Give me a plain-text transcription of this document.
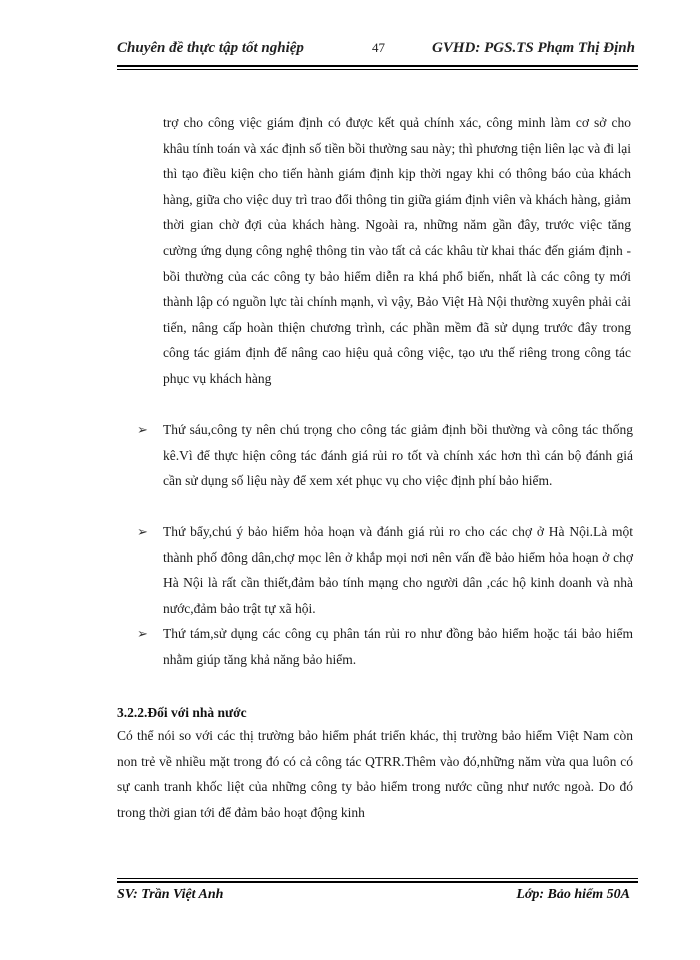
Chuyên đề thực tập tốt nghiệp	47	GVHD: PGS.TS Phạm Thị Định
trợ cho công việc giám định có được kết quả chính xác, công minh làm cơ sở cho khâu tính toán và xác định số tiền bồi thường sau này; thì phương tiện liên lạc và đi lại thì tạo điều kiện cho tiến hành giám định kịp thời ngay khi có thông báo của khách hàng, giữa cho việc duy trì trao đổi thông tin giữa giám định viên và khách hàng, giảm thời gian chờ đợi của khách hàng. Ngoài ra, những năm gần đây, trước việc tăng cường ứng dụng công nghệ thông tin vào tất cả các khâu từ khai thác đến giám định - bồi thường của các công ty bảo hiểm diễn ra khá phổ biến, nhất là các công ty mới thành lập có nguồn lực tài chính mạnh, vì vậy, Bảo Việt Hà Nội thường xuyên phải cải tiến, nâng cấp hoàn thiện chương trình, các phần mềm đã sử dụng trước đây trong công tác giám định để nâng cao hiệu quả công việc, tạo ưu thế riêng trong công tác phục vụ khách hàng
➢ Thứ sáu,công ty nên chú trọng cho công tác giảm định bồi thường và công tác thống kê.Vì để thực hiện công tác đánh giá rủi ro tốt và chính xác hơn thì cán bộ đánh giá cần sử dụng số liệu này để xem xét phục vụ cho việc định phí bảo hiểm.
➢ Thứ bẩy,chú ý bảo hiểm hỏa hoạn và đánh giá rủi ro cho các chợ ở Hà Nội.Là một thành phố đông dân,chợ mọc lên ở khắp mọi nơi nên vấn đề bảo hiểm hỏa hoạn ở chợ Hà Nội là rất cần thiết,đảm bảo tính mạng cho người dân ,các hộ kinh doanh và nhà nước,đảm bảo trật tự xã hội.
➢ Thứ tám,sử dụng các công cụ phân tán rủi ro như đồng bảo hiểm hoặc tái bảo hiểm nhằm giúp tăng khả năng bảo hiểm.
3.2.2.Đối với nhà nước
Có thể nói so với các thị trường bảo hiểm phát triển khác, thị trường bảo hiểm Việt Nam còn non trẻ về nhiều mặt trong đó có cả công tác QTRR.Thêm vào đó,những năm vừa qua luôn có sự canh tranh khốc liệt của những công ty bảo hiểm trong nước cũng như nước ngoà. Do đó trong thời gian tới để đảm bảo hoạt động kinh
SV: Trần Việt Anh	Lớp: Bảo hiểm 50A
